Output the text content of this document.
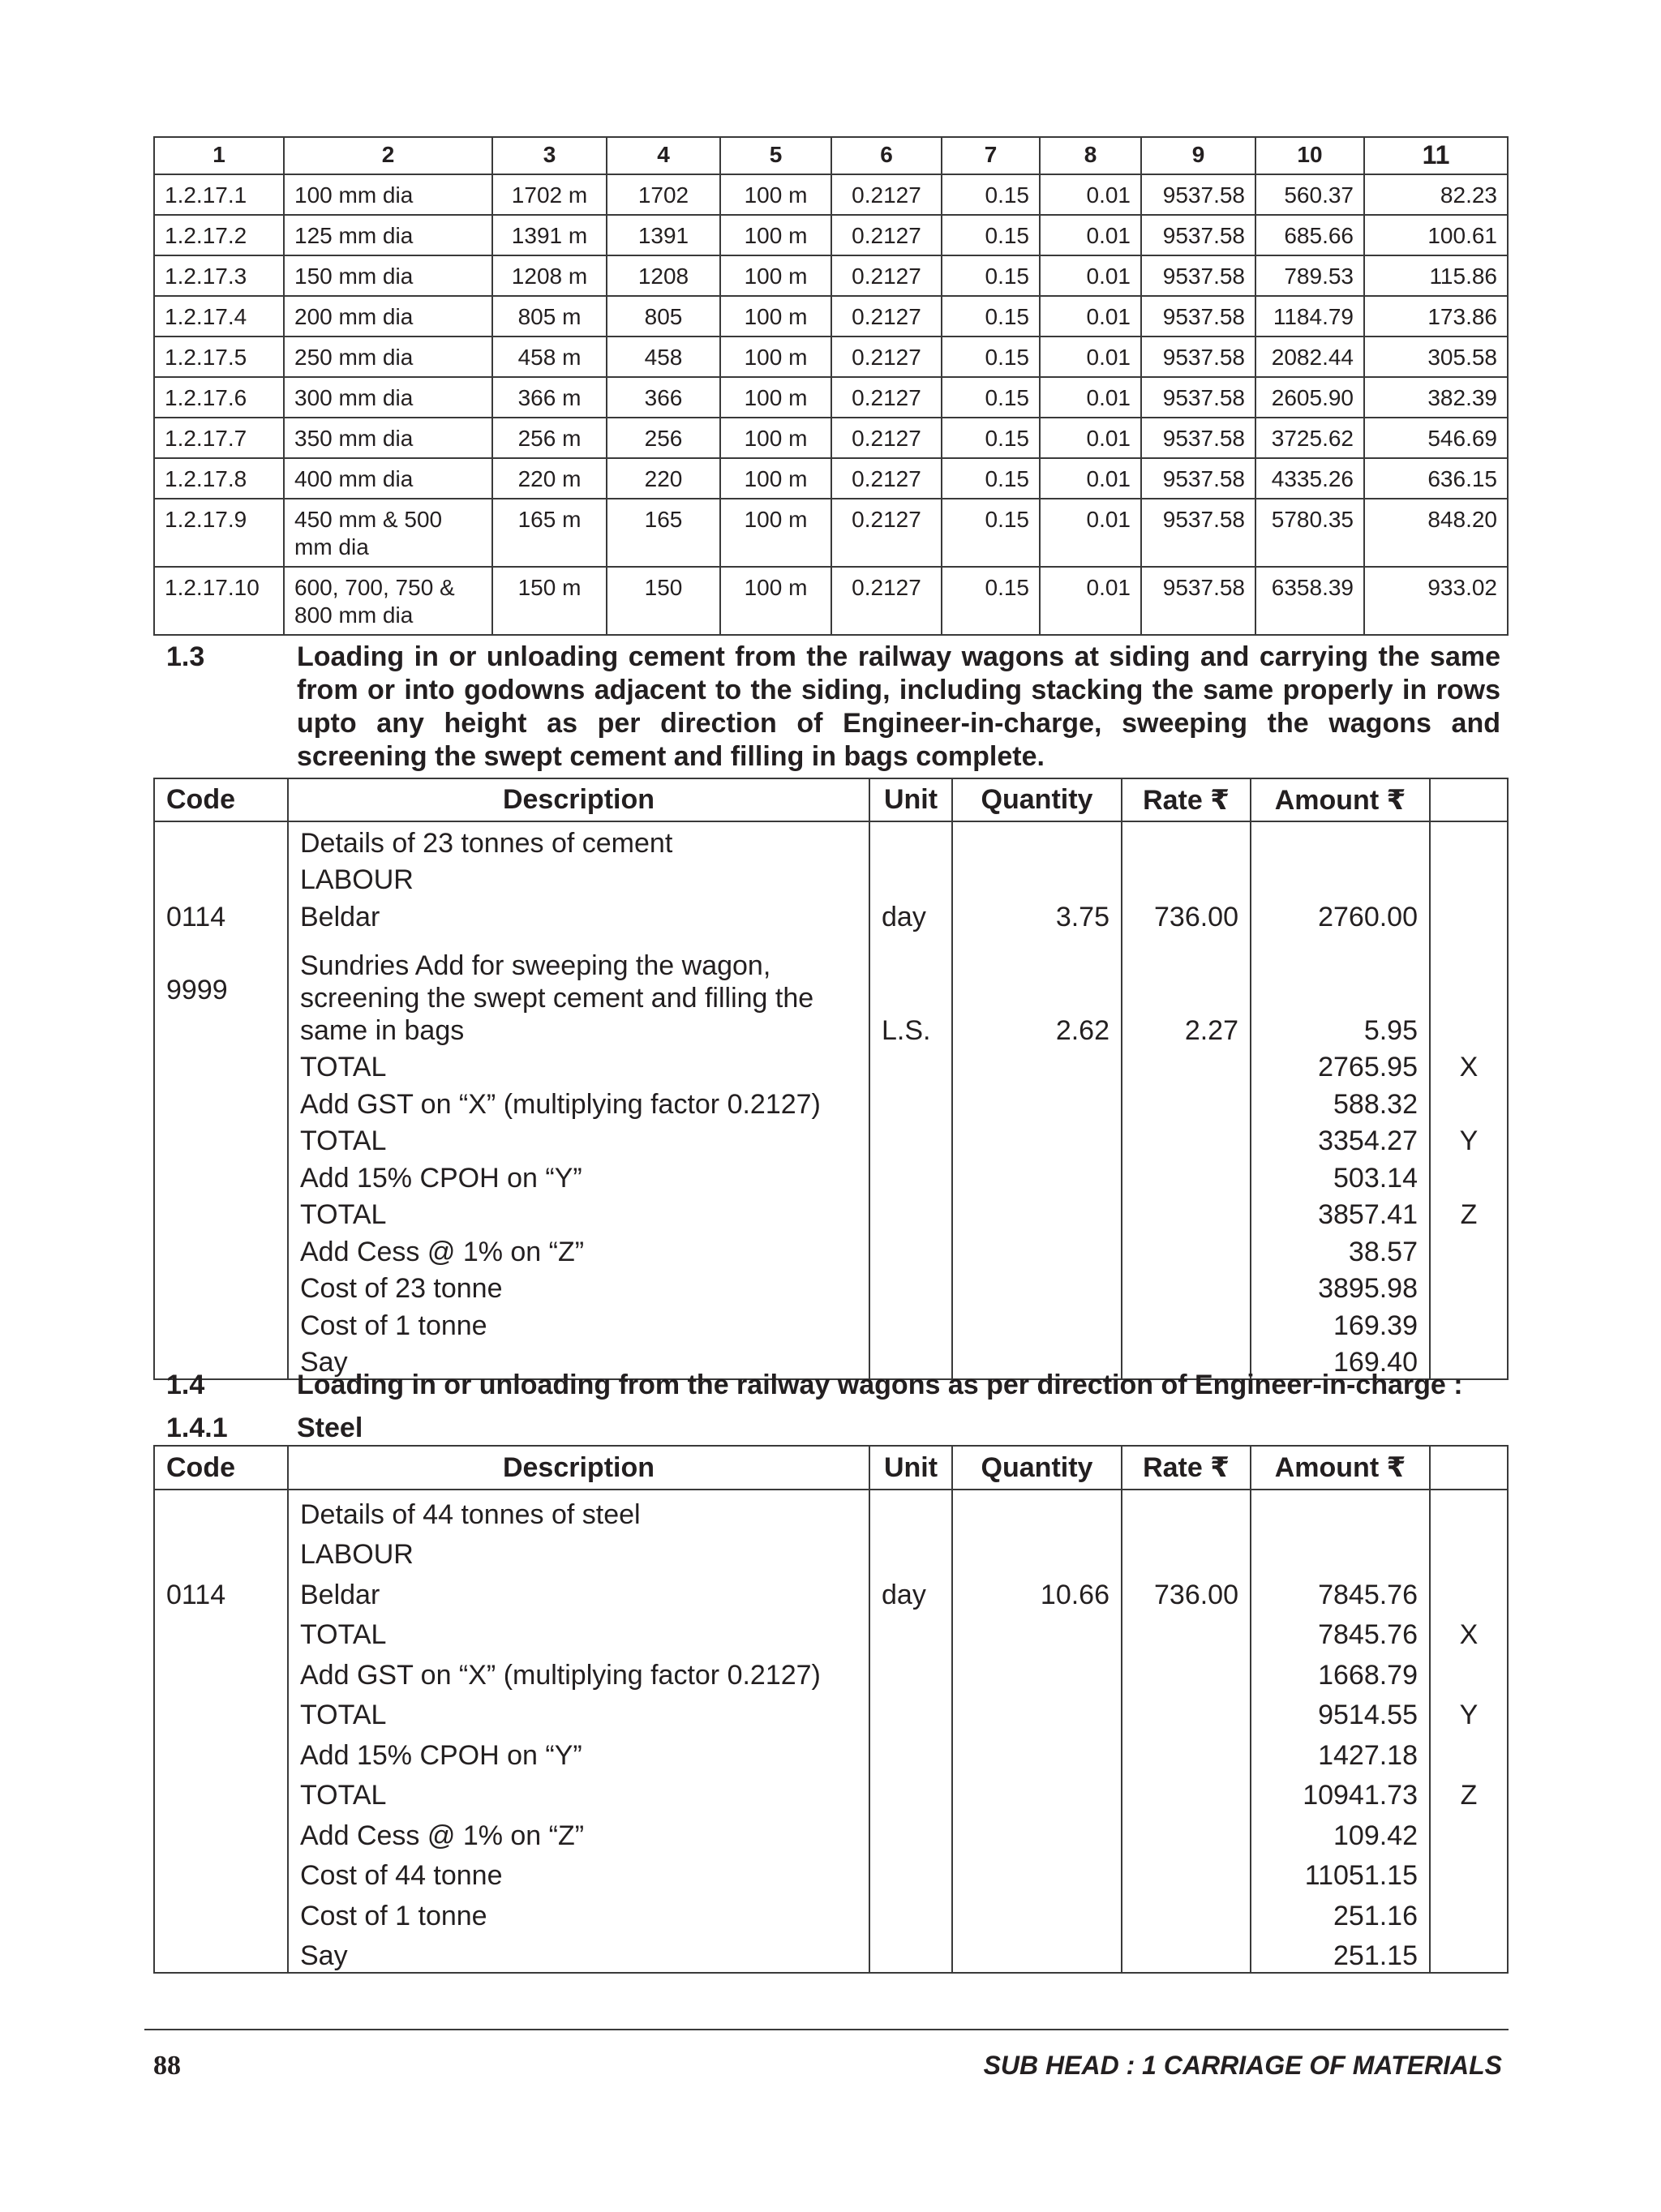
1	2	3	4	5	6	7	8	9	10	11
1.2.17.1	100 mm dia	1702 m	1702	100 m	0.2127	0.15	0.01	9537.58	560.37	82.23
1.2.17.2	125 mm dia	1391 m	1391	100 m	0.2127	0.15	0.01	9537.58	685.66	100.61
1.2.17.3	150 mm dia	1208 m	1208	100 m	0.2127	0.15	0.01	9537.58	789.53	115.86
1.2.17.4	200 mm dia	805 m	805	100 m	0.2127	0.15	0.01	9537.58	1184.79	173.86
1.2.17.5	250 mm dia	458 m	458	100 m	0.2127	0.15	0.01	9537.58	2082.44	305.58
1.2.17.6	300 mm dia	366 m	366	100 m	0.2127	0.15	0.01	9537.58	2605.90	382.39
1.2.17.7	350 mm dia	256 m	256	100 m	0.2127	0.15	0.01	9537.58	3725.62	546.69
1.2.17.8	400 mm dia	220 m	220	100 m	0.2127	0.15	0.01	9537.58	4335.26	636.15
1.2.17.9	450 mm & 500 mm dia	165 m	165	100 m	0.2127	0.15	0.01	9537.58	5780.35	848.20
1.2.17.10	600, 700, 750 & 800 mm dia	150 m	150	100 m	0.2127	0.15	0.01	9537.58	6358.39	933.02
1.3	Loading in or unloading cement from the railway wagons at siding and carrying the same from or into godowns adjacent to the siding, including stacking the same properly in rows upto any height as per direction of Engineer-in-charge, sweeping the wagons and screening the swept cement and filling in bags complete.
Code	Description	Unit	Quantity	Rate ₹	Amount ₹	
	Details of 23 tonnes of cement					
	LABOUR					
0114	Beldar	day	3.75	736.00	2760.00	
9999	Sundries Add for sweeping the wagon, screening the swept cement and filling the same in bags	L.S.	2.62	2.27	5.95	
	TOTAL				2765.95	X
	Add GST on “X” (multiplying factor 0.2127)				588.32	
	TOTAL				3354.27	Y
	Add 15% CPOH on “Y”				503.14	
	TOTAL				3857.41	Z
	Add Cess @ 1% on “Z”				38.57	
	Cost of 23 tonne				3895.98	
	Cost of 1 tonne				169.39	
	Say				169.40	
1.4	Loading in or unloading from the railway wagons as per direction of Engineer-in-charge :
1.4.1	Steel
Code	Description	Unit	Quantity	Rate ₹	Amount ₹	
	Details of 44 tonnes of steel					
	LABOUR					
0114	Beldar	day	10.66	736.00	7845.76	
	TOTAL				7845.76	X
	Add GST on “X” (multiplying factor 0.2127)				1668.79	
	TOTAL				9514.55	Y
	Add 15% CPOH on “Y”				1427.18	
	TOTAL				10941.73	Z
	Add Cess @ 1% on “Z”				109.42	
	Cost of 44 tonne				11051.15	
	Cost of 1 tonne				251.16	
	Say				251.15	
88	SUB HEAD : 1 CARRIAGE OF MATERIALS
